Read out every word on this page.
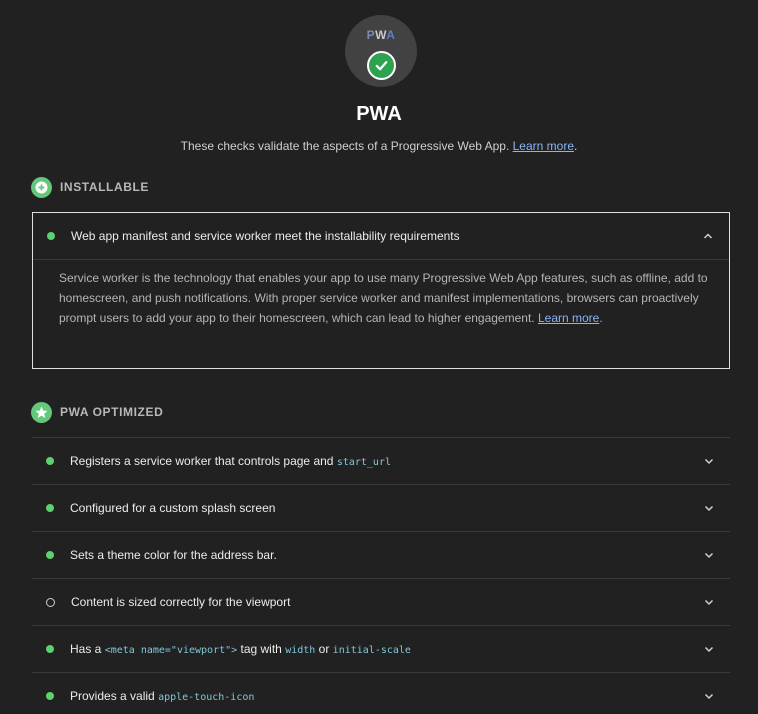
PWA
PWA
These checks validate the aspects of a Progressive Web App. Learn more.
INSTALLABLE
Web app manifest and service worker meet the installability requirements
Service worker is the technology that enables your app to use many Progressive Web App features, such as offline, add to homescreen, and push notifications. With proper service worker and manifest implementations, browsers can proactively prompt users to add your app to their homescreen, which can lead to higher engagement. Learn more.
PWA OPTIMIZED
Registers a service worker that controls page and start_url
Configured for a custom splash screen
Sets a theme color for the address bar.
Content is sized correctly for the viewport
Has a <meta name="viewport"> tag with width or initial-scale
Provides a valid apple-touch-icon
